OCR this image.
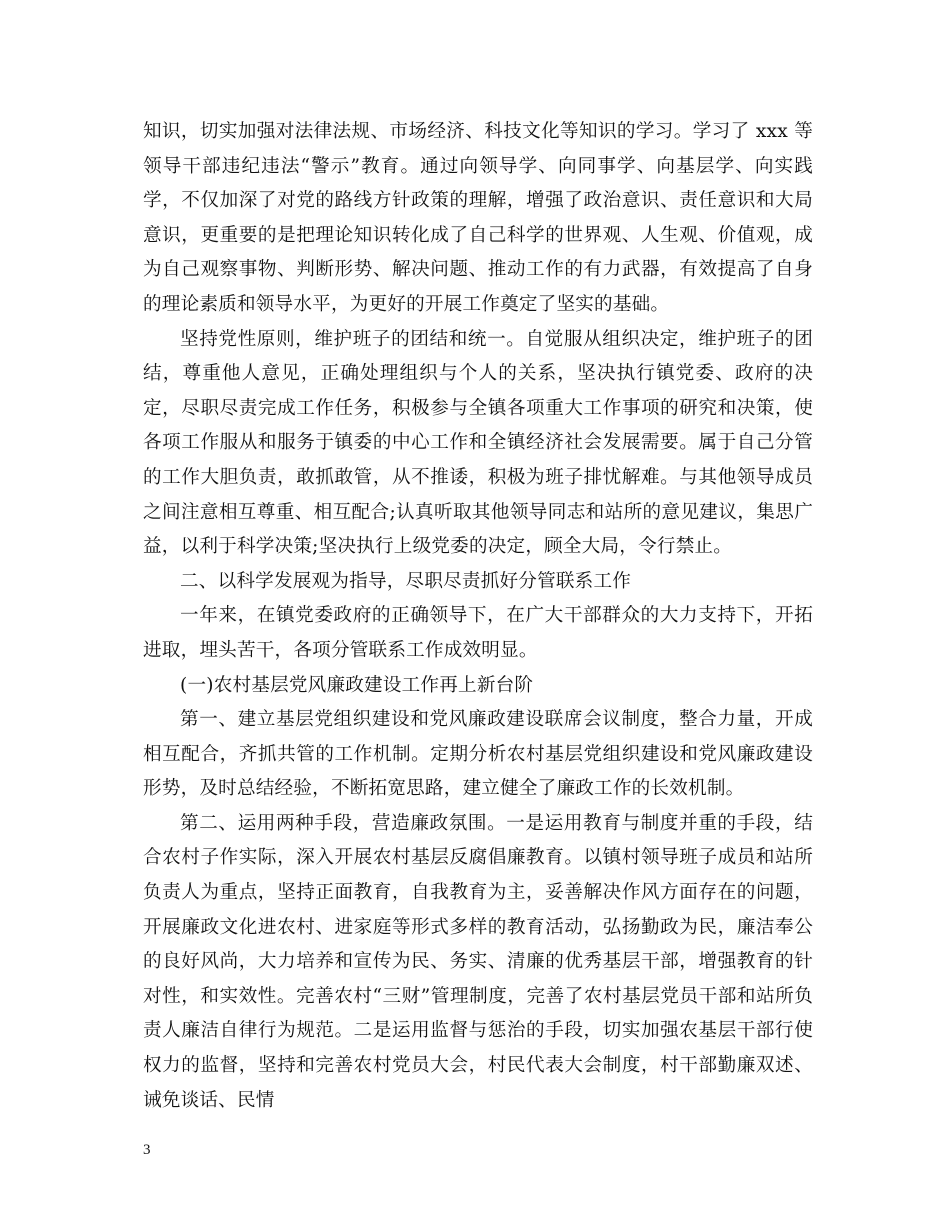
知识，切实加强对法律法规、市场经济、科技文化等知识的学习。学习了 xxx 等领导干部违纪违法“警示”教育。通过向领导学、向同事学、向基层学、向实践学，不仅加深了对党的路线方针政策的理解，增强了政治意识、责任意识和大局意识，更重要的是把理论知识转化成了自己科学的世界观、人生观、价值观，成为自己观察事物、判断形势、解决问题、推动工作的有力武器，有效提高了自身的理论素质和领导水平，为更好的开展工作奠定了坚实的基础。

坚持党性原则，维护班子的团结和统一。自觉服从组织决定，维护班子的团结，尊重他人意见，正确处理组织与个人的关系，坚决执行镇党委、政府的决定，尽职尽责完成工作任务，积极参与全镇各项重大工作事项的研究和决策，使各项工作服从和服务于镇委的中心工作和全镇经济社会发展需要。属于自己分管的工作大胆负责，敢抓敢管，从不推诿，积极为班子排忧解难。与其他领导成员之间注意相互尊重、相互配合;认真听取其他领导同志和站所的意见建议，集思广益，以利于科学决策;坚决执行上级党委的决定，顾全大局，令行禁止。

二、以科学发展观为指导，尽职尽责抓好分管联系工作

一年来，在镇党委政府的正确领导下，在广大干部群众的大力支持下，开拓进取，埋头苦干，各项分管联系工作成效明显。

(一)农村基层党风廉政建设工作再上新台阶

第一、建立基层党组织建设和党风廉政建设联席会议制度，整合力量，开成相互配合，齐抓共管的工作机制。定期分析农村基层党组织建设和党风廉政建设形势，及时总结经验，不断拓宽思路，建立健全了廉政工作的长效机制。

第二、运用两种手段，营造廉政氛围。一是运用教育与制度并重的手段，结合农村子作实际，深入开展农村基层反腐倡廉教育。以镇村领导班子成员和站所负责人为重点，坚持正面教育，自我教育为主，妥善解决作风方面存在的问题，开展廉政文化进农村、进家庭等形式多样的教育活动，弘扬勤政为民，廉洁奉公的良好风尚，大力培养和宣传为民、务实、清廉的优秀基层干部，增强教育的针对性，和实效性。完善农村“三财”管理制度，完善了农村基层党员干部和站所负责人廉洁自律行为规范。二是运用监督与惩治的手段，切实加强农基层干部行使权力的监督，坚持和完善农村党员大会，村民代表大会制度，村干部勤廉双述、诫免谈话、民情

3
